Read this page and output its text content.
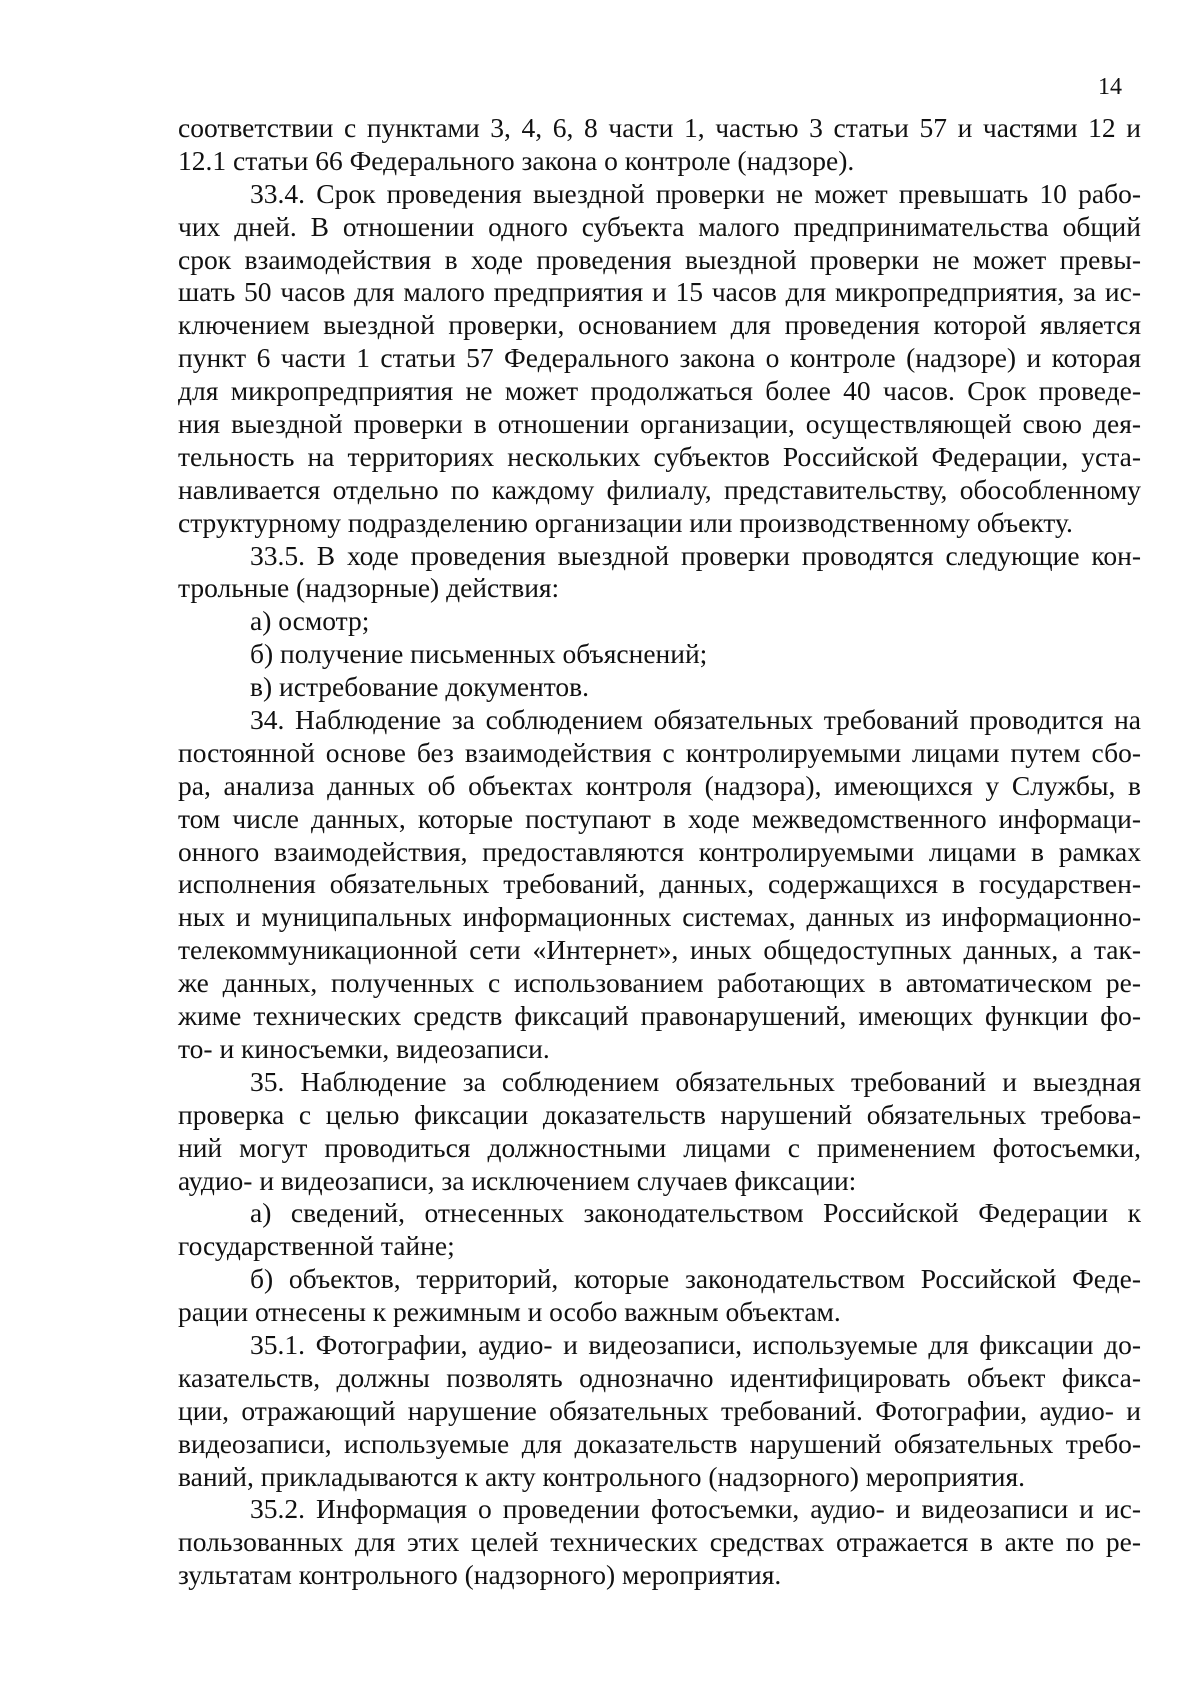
14
соответствии с пунктами 3, 4, 6, 8 части 1, частью 3 статьи 57 и частями 12 и
12.1 статьи 66 Федерального закона о контроле (надзоре).
33.4. Срок проведения выездной проверки не может превышать 10 рабо-
чих дней. В отношении одного субъекта малого предпринимательства общий
срок взаимодействия в ходе проведения выездной проверки не может превы-
шать 50 часов для малого предприятия и 15 часов для микропредприятия, за ис-
ключением выездной проверки, основанием для проведения которой является
пункт 6 части 1 статьи 57 Федерального закона о контроле (надзоре) и которая
для микропредприятия не может продолжаться более 40 часов. Срок проведе-
ния выездной проверки в отношении организации, осуществляющей свою дея-
тельность на территориях нескольких субъектов Российской Федерации, уста-
навливается отдельно по каждому филиалу, представительству, обособленному
структурному подразделению организации или производственному объекту.
33.5. В ходе проведения выездной проверки проводятся следующие кон-
трольные (надзорные) действия:
а) осмотр;
б) получение письменных объяснений;
в) истребование документов.
34. Наблюдение за соблюдением обязательных требований проводится на
постоянной основе без взаимодействия с контролируемыми лицами путем сбо-
ра, анализа данных об объектах контроля (надзора), имеющихся у Службы, в
том числе данных, которые поступают в ходе межведомственного информаци-
онного взаимодействия, предоставляются контролируемыми лицами в рамках
исполнения обязательных требований, данных, содержащихся в государствен-
ных и муниципальных информационных системах, данных из информационно-
телекоммуникационной сети «Интернет», иных общедоступных данных, а так-
же данных, полученных с использованием работающих в автоматическом ре-
жиме технических средств фиксаций правонарушений, имеющих функции фо-
то- и киносъемки, видеозаписи.
35. Наблюдение за соблюдением обязательных требований и выездная
проверка с целью фиксации доказательств нарушений обязательных требова-
ний могут проводиться должностными лицами с применением фотосъемки,
аудио- и видеозаписи, за исключением случаев фиксации:
а) сведений, отнесенных законодательством Российской Федерации к
государственной тайне;
б) объектов, территорий, которые законодательством Российской Феде-
рации отнесены к режимным и особо важным объектам.
35.1. Фотографии, аудио- и видеозаписи, используемые для фиксации до-
казательств, должны позволять однозначно идентифицировать объект фикса-
ции, отражающий нарушение обязательных требований. Фотографии, аудио- и
видеозаписи, используемые для доказательств нарушений обязательных требо-
ваний, прикладываются к акту контрольного (надзорного) мероприятия.
35.2. Информация о проведении фотосъемки, аудио- и видеозаписи и ис-
пользованных для этих целей технических средствах отражается в акте по ре-
зультатам контрольного (надзорного) мероприятия.
